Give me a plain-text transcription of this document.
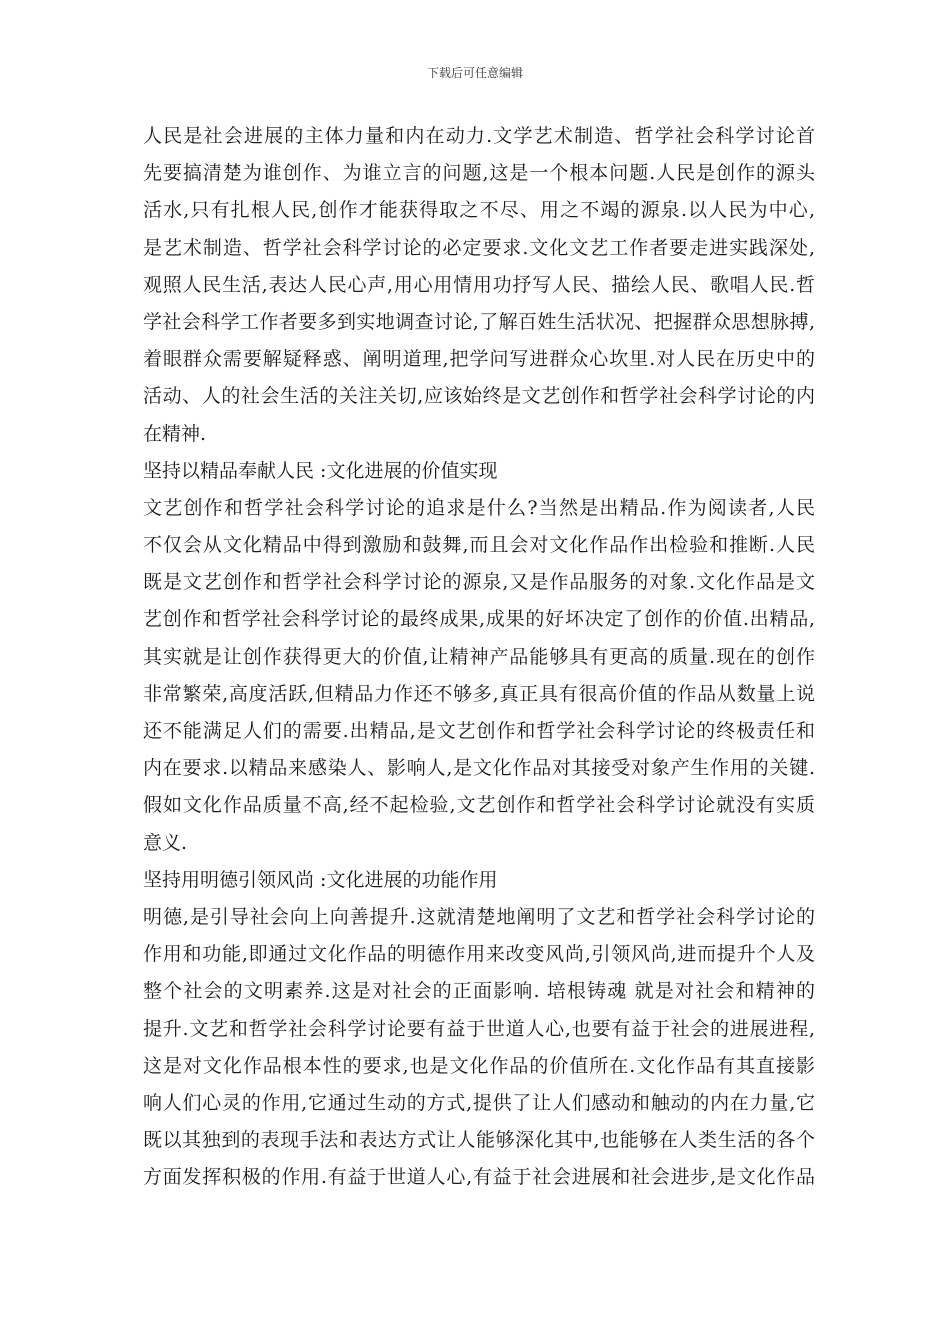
下载后可任意编辑
人民是社会进展的主体力量和内在动力.文学艺术制造、哲学社会科学讨论首
先要搞清楚为谁创作、为谁立言的问题,这是一个根本问题.人民是创作的源头
活水,只有扎根人民,创作才能获得取之不尽、用之不竭的源泉.以人民为中心,
是艺术制造、哲学社会科学讨论的必定要求.文化文艺工作者要走进实践深处,
观照人民生活,表达人民心声,用心用情用功抒写人民、描绘人民、歌唱人民.哲
学社会科学工作者要多到实地调查讨论,了解百姓生活状况、把握群众思想脉搏,
着眼群众需要解疑释惑、阐明道理,把学问写进群众心坎里.对人民在历史中的
活动、人的社会生活的关注关切,应该始终是文艺创作和哲学社会科学讨论的内
在精神.
坚持以精品奉献人民 :文化进展的价值实现
文艺创作和哲学社会科学讨论的追求是什么?当然是出精品.作为阅读者,人民
不仅会从文化精品中得到激励和鼓舞,而且会对文化作品作出检验和推断.人民
既是文艺创作和哲学社会科学讨论的源泉,又是作品服务的对象.文化作品是文
艺创作和哲学社会科学讨论的最终成果,成果的好坏决定了创作的价值.出精品,
其实就是让创作获得更大的价值,让精神产品能够具有更高的质量.现在的创作
非常繁荣,高度活跃,但精品力作还不够多,真正具有很高价值的作品从数量上说
还不能满足人们的需要.出精品,是文艺创作和哲学社会科学讨论的终极责任和
内在要求.以精品来感染人、影响人,是文化作品对其接受对象产生作用的关键.
假如文化作品质量不高,经不起检验,文艺创作和哲学社会科学讨论就没有实质
意义.
坚持用明德引领风尚 :文化进展的功能作用
明德,是引导社会向上向善提升.这就清楚地阐明了文艺和哲学社会科学讨论的
作用和功能,即通过文化作品的明德作用来改变风尚,引领风尚,进而提升个人及
整个社会的文明素养.这是对社会的正面影响. 培根铸魂 就是对社会和精神的
提升.文艺和哲学社会科学讨论要有益于世道人心,也要有益于社会的进展进程,
这是对文化作品根本性的要求,也是文化作品的价值所在.文化作品有其直接影
响人们心灵的作用,它通过生动的方式,提供了让人们感动和触动的内在力量,它
既以其独到的表现手法和表达方式让人能够深化其中,也能够在人类生活的各个
方面发挥积极的作用.有益于世道人心,有益于社会进展和社会进步,是文化作品
